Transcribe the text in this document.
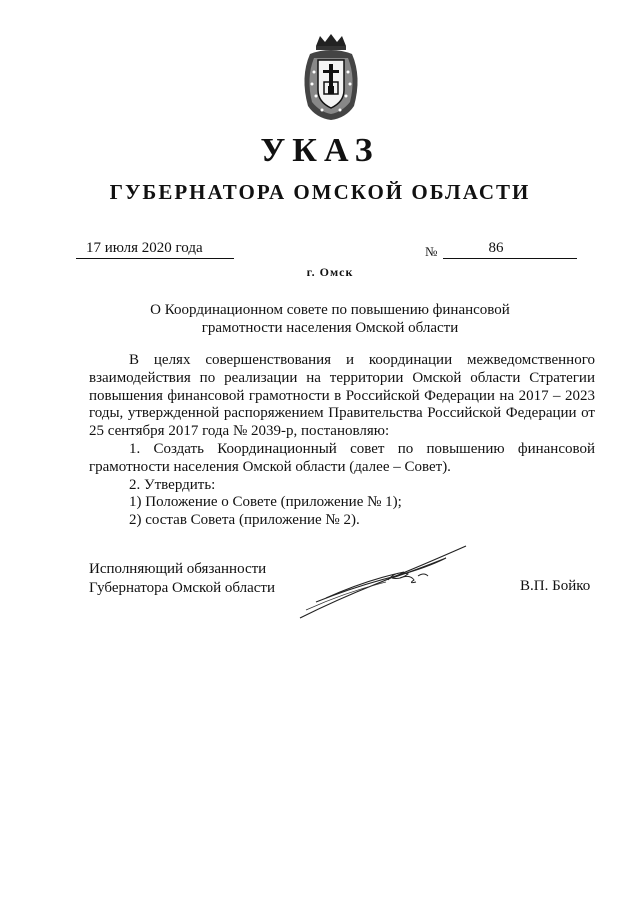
УКАЗ
ГУБЕРНАТОРА ОМСКОЙ ОБЛАСТИ
17 июля 2020 года	№	86
г. Омск
О Координационном совете по повышению финансовой
грамотности населения Омской области

В целях совершенствования и координации межведомственного взаимодействия по реализации на территории Омской области Стратегии повышения финансовой грамотности в Российской Федерации на 2017 – 2023 годы, утвержденной распоряжением Правительства Российской Федерации от 25 сентября 2017 года № 2039-р, постановляю:

1. Создать Координационный совет по повышению финансовой грамотности населения Омской области (далее – Совет).

2. Утвердить:

1) Положение о Совете (приложение № 1);

2) состав Совета (приложение № 2).

Исполняющий обязанности
Губернатора Омской области	В.П. Бойко
